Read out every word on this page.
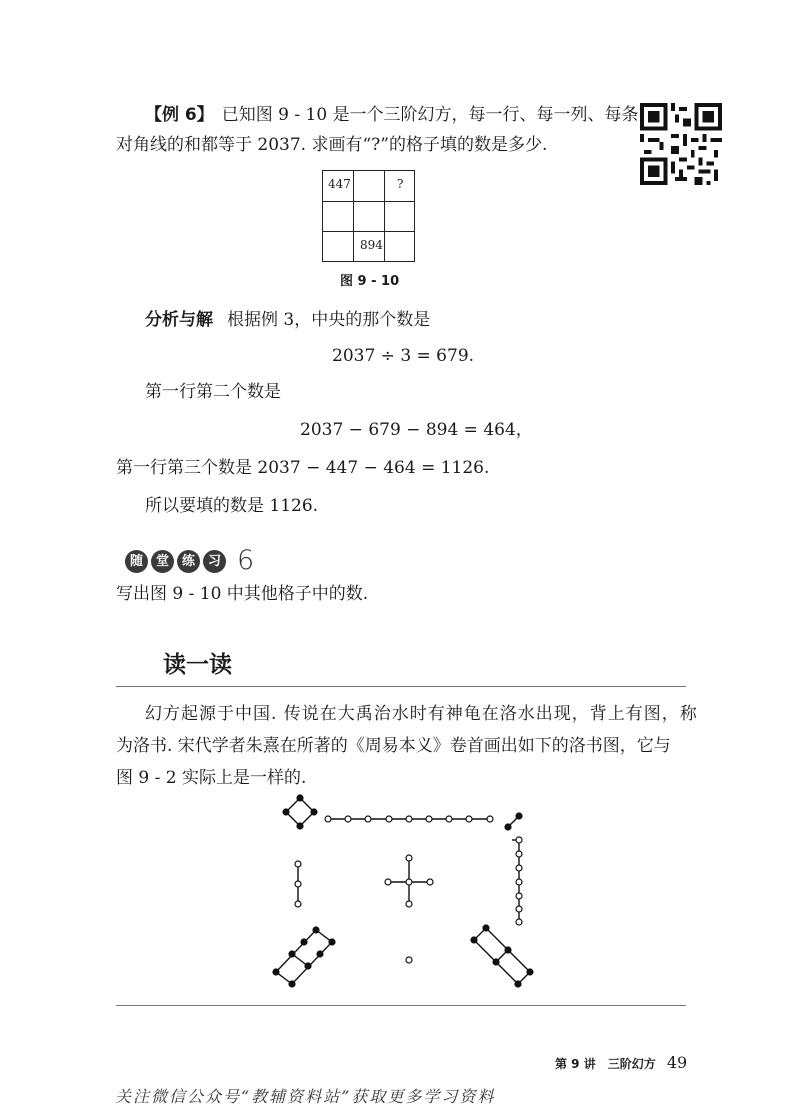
【例 6】 已知图 9 - 10 是一个三阶幻方，每一行、每一列、每条
对角线的和都等于 2037. 求画有“?”的格子填的数是多少.
447	?
894
图 9 - 10
分析与解 根据例 3，中央的那个数是
2037 ÷ 3 = 679.
第一行第二个数是
2037 − 679 − 894 = 464，
第一行第三个数是 2037 − 447 − 464 = 1126.
所以要填的数是 1126.
随 堂 练 习 6
写出图 9 - 10 中其他格子中的数.
读一读
幻方起源于中国. 传说在大禹治水时有神龟在洛水出现，背上有图，称
为洛书. 宋代学者朱熹在所著的《周易本义》卷首画出如下的洛书图，它与
图 9 - 2 实际上是一样的.
第 9 讲　三阶幻方 49
关注微信公众号“教辅资料站”获取更多学习资料
